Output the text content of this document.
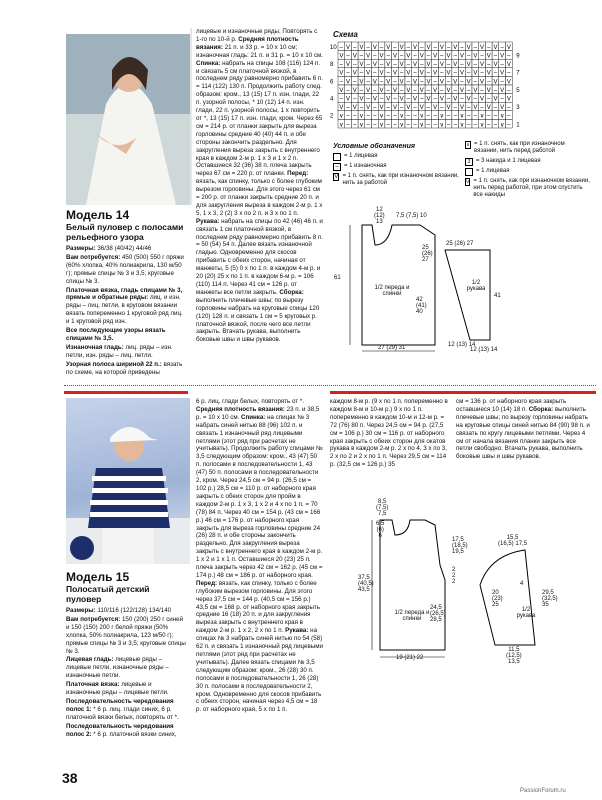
Модель 14
Белый пуловер с полосами рельефного узора
Размеры: 36/38 (40/42) 44/46
Вам потребуется: 450 (500) 550 г пряжи (60% хлопка, 40% полиакрила, 130 м/50 г); прямые спицы № 3 и 3,5; круговые спицы № 3.
Платочная вязка, гладь спицами № 3, прямые и обратные ряды: лиц. и изн. ряды – лиц. петли, в круговом вязании вязать попеременно 1 круговой ряд лиц. и 1 круговой ряд изн.
Все последующие узоры вязать спицами № 3,5.
Изнаночная гладь: лиц. ряды – изн. петли, изн. ряды – лиц. петли.
Узорная полоса шириной 22 п.: вязать по схеме, на которой приведены
лицевые и изнаночные ряды. Повторять с 1-го по 10-й р. Средняя плотность вязания: 21 п. и 33 р. = 10 х 10 см; изнаночная гладь: 21 п. и 31 р. = 10 х 10 см. Спинка: набрать на спицы 108 (116) 124 п. и связать 5 см платочной вязкой, в последнем ряду равномерно прибавить 6 п. = 114 (122) 130 п. Продолжить работу след. образом: кром., 13 (15) 17 п. изн. глади, 22 п. узорной полосы, * 10 (12) 14 п. изн. глади, 22 п. узорной полосы, 1 х повторить от *, 13 (15) 17 п. изн. глади, кром. Через 65 см = 214 р. от планки закрыть для выреза горловины средние 40 (40) 44 п. и обе стороны закончить раздельно. Для закругления выреза закрыть с внутреннего края в каждом 2-м р. 1 х 3 и 1 х 2 п. Оставшиеся 32 (36) 38 п. плеча закрыть через 67 см = 220 р. от планки. Перед: вязать, как спинку, только с более глубоким вырезом горловины. Для этого через 61 см = 200 р. от планки закрыть средние 20 п. и для закругления выреза в каждом 2-м р. 1 х 5, 1 х 3, 2 (2) 3 х по 2 п. и 3 х по 1 п. Рукава: набрать на спицы по 42 (46) 46 п. и связать 1 см платочной вязкой, в последнем ряду равномерно прибавить 8 п. = 50 (54) 54 п. Далее вязать изнаночной гладью. Одновременно для скосов прибавить с обеих сторон, начиная от манжеты, 5 (5) 0 х по 1 п. в каждом 4-м р. и 20 (20) 25 х по 1 п. в каждом 6-м р. = 106 (110) 114 п. Через 41 см = 126 р. от манжеты все петли закрыть. Сборка: выполнить плечевые швы; по вырезу горловины набрать на круговые спицы 120 (120) 128 п. и связать 1 см = 5 круговых р. платочной вязкой, после чего все петли закрыть. Втачать рукава, выполнить боковые швы и швы рукавов.
Схема
– V – V – V – V – V – V – V – V – V – V – V – V – V
V – V – V – V – V – V – V – V – V – V – V – V – V –
– V – V – V – V – V – V – V – V – V – V – V – V – V
V – V – V – V – V – V – V – V – V – V – V – V – V –
– V – V – V – V – V – V – V – V – V – V – V – V – V
V – V – V – V – V – V – V – V – V – V – V – V – V –
– V – V – V – V – V – V – V – V – V – V – V – V – V
V – V – V – V – V – V – V – V – V – V – V – V – V –
∨ – – ∨ – – ∨ – – ∨ – – ∨ – – ∨ – – ∨ – – ∨ – – ∨ –
∨ – – ∨ – – ∨ – – ∨ – – ∨ – – ∨ – – ∨ – – ∨ – – ∨ –
9
7
5
3
1
10
8
6
4
2
Условные обозначения
= 1 лицевая
– = 1 изнаночная
V = 1 п. снять, как при изнаночном вязании, нить за работой
∨ = 1 п. снять, как при изнаночном вязании, нить перед работой
3 = 3 накида и 1 лицевая
= 1 лицевая
Ⅴ = 1 п. снять, как при изнаночном вязании, нить перед работой, при этом спустить все накиды
12
(12)
13
7,5 (7,5) 10
61
42
(41)
40
25
(26)
27
1/2 переда и спинки
27 (29) 31
25 (26) 27
1/2 рукава
41
12 (13) 14
12 (13) 14
Модель 15
Полосатый детский пуловер
Размеры: 110/116 (122/128) 134/140
Вам потребуется: 150 (200) 250 г синей и 150 (150) 200 г белой пряжи (50% хлопка, 50% полиакрила, 123 м/50 г); прямые спицы № 3 и 3,5; круговые спицы № 3.
Лицевая гладь: лицевые ряды – лицевые петли, изнаночные ряды – изнаночные петли.
Платочная вязка: лицевые и изнаночные ряды – лицевые петли.
Последовательность чередования полос 1: * 6 р. лиц. глади синих, 6 р. платочной вязки белых, повторять от *.
Последовательность чередования полос 2: * 6 р. платочной вязки синих,
6 р. лиц. глади белых, повторять от *. Средняя плотность вязания: 23 п. и 38,5 р. = 10 х 10 см. Спинка: на спицах № 3 набрать синей нитью 88 (96) 102 п. и связать 1 изнаночный ряд лицевыми петлями (этот ряд при расчетах не учитывать). Продолжить работу спицами № 3,5 следующим образом: кром., 43 (47) 50 п. полосами в последовательности 1, 43 (47) 50 п. полосами в последовательности 2, кром. Через 24,5 см = 94 р. (26,5 см = 102 р.) 28,5 см = 110 р. от наборного края закрыть с обеих сторон для пройм в каждом 2-м р. 1 х 3, 1 х 2 и 4 х по 1 п. = 70 (78) 84 п. Через 40 см = 154 р. (43 см = 166 р.) 46 см = 176 р. от наборного края закрыть для выреза горловины средние 24 (26) 28 п. и обе стороны закончить раздельно. Для закругления выреза закрыть с внутреннего края в каждом 2-м р. 1 х 2 и 1 х 1 п. Оставшиеся 20 (23) 25 п. плеча закрыть через 42 см = 162 р. (45 см = 174 р.) 48 см = 186 р. от наборного края. Перед: вязать, как спинку, только с более глубоким вырезом горловины. Для этого через 37,5 см = 144 р. (40,5 см = 156 р.) 43,5 см = 168 р. от наборного края закрыть средние 16 (18) 20 п. и для закругления выреза закрыть с внутреннего края в каждом 2-м р. 1 х 2, 2 х по 1 п. Рукава: на спицах № 3 набрать синей нитью по 54 (58) 62 п. и связать 1 изнаночный ряд лицевыми петлями (этот ряд при расчетах не учитывать). Далее вязать спицами № 3,5 следующим образом: кром., 26 (28) 30 п. полосами в последовательности 1, 26 (28) 30 п. полосами в последовательности 2, кром. Одновременно для скосов прибавить с обеих сторон, начиная через 4,5 см = 18 р. от наборного края, 5 х по 1 п.
каждом 8-м р. (9 х по 1 п. попеременно в каждом 8-м и 10-м р.) 9 х по 1 п. попеременно в каждом 10-м и 12-м р. = 72 (76) 80 п. Через 24,5 см = 94 р. (27,5 см = 106 р.) 30 см = 116 р. от наборного края закрыть с обеих сторон для окатов рукава в каждом 2-м р. 2 х по 4, 3 х по 3, 2 х по 2 и 2 х по 1 п. Через 29,5 см = 114 р. (32,5 см = 126 р.) 35
см = 136 р. от наборного края закрыть оставшиеся 10 (14) 18 п. Сборка: выполнить плечевые швы; по вырезу горловины набрать на круговые спицы синей нитью 84 (90) 98 п. и связать по кругу лицевыми петлями. Через 4 см от начала вязания планки закрыть все петли свободно. Втачать рукава, выполнить боковые швы и швы рукавов.
8,5
(7,5)
7,5
6,5
(6)
6
17,5
(18,5)
19,5
2
2
2
24,5
(26,5)
28,5
37,5
(40,5)
43,5
1/2 переда и спинки
19 (21) 22
15,5
(16,5) 17,5
4
20
(23)
25
1/2 рукава
29,5
(32,5)
35
11,5
(12,5)
13,5
38
PassionForum.ru
